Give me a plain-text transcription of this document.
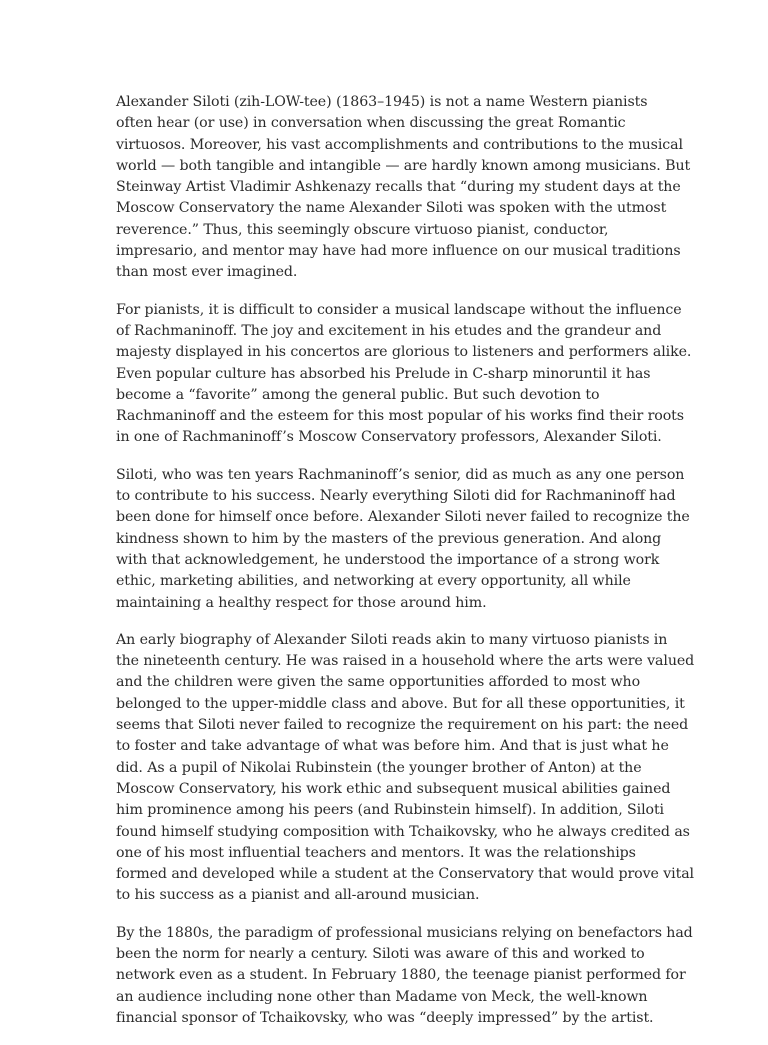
Alexander Siloti (zih-LOW-tee) (1863–1945) is not a name Western pianists
often hear (or use) in conversation when discussing the great Romantic
virtuosos. Moreover, his vast accomplishments and contributions to the musical
world — both tangible and intangible — are hardly known among musicians. But
Steinway Artist Vladimir Ashkenazy recalls that “during my student days at the
Moscow Conservatory the name Alexander Siloti was spoken with the utmost
reverence.” Thus, this seemingly obscure virtuoso pianist, conductor,
impresario, and mentor may have had more influence on our musical traditions
than most ever imagined.

For pianists, it is difficult to consider a musical landscape without the influence
of Rachmaninoff. The joy and excitement in his etudes and the grandeur and
majesty displayed in his concertos are glorious to listeners and performers alike.
Even popular culture has absorbed his Prelude in C-sharp minoruntil it has
become a “favorite” among the general public. But such devotion to
Rachmaninoff and the esteem for this most popular of his works find their roots
in one of Rachmaninoff’s Moscow Conservatory professors, Alexander Siloti.

Siloti, who was ten years Rachmaninoff’s senior, did as much as any one person
to contribute to his success. Nearly everything Siloti did for Rachmaninoff had
been done for himself once before. Alexander Siloti never failed to recognize the
kindness shown to him by the masters of the previous generation. And along
with that acknowledgement, he understood the importance of a strong work
ethic, marketing abilities, and networking at every opportunity, all while
maintaining a healthy respect for those around him.

An early biography of Alexander Siloti reads akin to many virtuoso pianists in
the nineteenth century. He was raised in a household where the arts were valued
and the children were given the same opportunities afforded to most who
belonged to the upper-middle class and above. But for all these opportunities, it
seems that Siloti never failed to recognize the requirement on his part: the need
to foster and take advantage of what was before him. And that is just what he
did. As a pupil of Nikolai Rubinstein (the younger brother of Anton) at the
Moscow Conservatory, his work ethic and subsequent musical abilities gained
him prominence among his peers (and Rubinstein himself). In addition, Siloti
found himself studying composition with Tchaikovsky, who he always credited as
one of his most influential teachers and mentors. It was the relationships
formed and developed while a student at the Conservatory that would prove vital
to his success as a pianist and all-around musician.

By the 1880s, the paradigm of professional musicians relying on benefactors had
been the norm for nearly a century. Siloti was aware of this and worked to
network even as a student. In February 1880, the teenage pianist performed for
an audience including none other than Madame von Meck, the well-known
financial sponsor of Tchaikovsky, who was “deeply impressed” by the artist.
